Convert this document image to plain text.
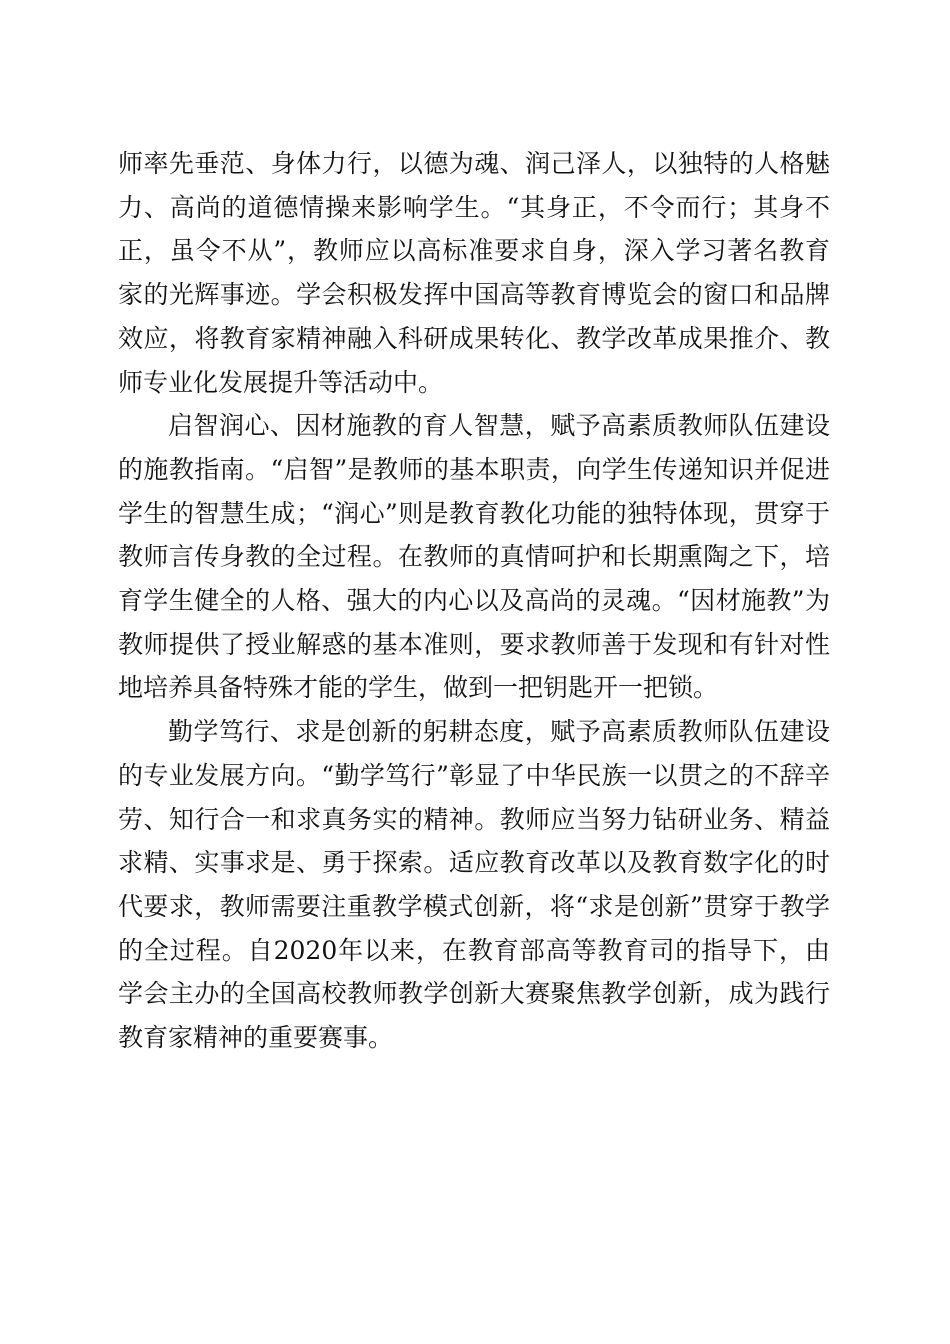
师率先垂范、身体力行，以德为魂、润己泽人，以独特的人格魅力、高尚的道德情操来影响学生。“其身正，不令而行；其身不正，虽令不从”，教师应以高标准要求自身，深入学习著名教育家的光辉事迹。学会积极发挥中国高等教育博览会的窗口和品牌效应，将教育家精神融入科研成果转化、教学改革成果推介、教师专业化发展提升等活动中。

启智润心、因材施教的育人智慧，赋予高素质教师队伍建设的施教指南。“启智”是教师的基本职责，向学生传递知识并促进学生的智慧生成；“润心”则是教育教化功能的独特体现，贯穿于教师言传身教的全过程。在教师的真情呵护和长期熏陶之下，培育学生健全的人格、强大的内心以及高尚的灵魂。“因材施教”为教师提供了授业解惑的基本准则，要求教师善于发现和有针对性地培养具备特殊才能的学生，做到一把钥匙开一把锁。

勤学笃行、求是创新的躬耕态度，赋予高素质教师队伍建设的专业发展方向。“勤学笃行”彰显了中华民族一以贯之的不辞辛劳、知行合一和求真务实的精神。教师应当努力钻研业务、精益求精、实事求是、勇于探索。适应教育改革以及教育数字化的时代要求，教师需要注重教学模式创新，将“求是创新”贯穿于教学的全过程。自2020年以来，在教育部高等教育司的指导下，由学会主办的全国高校教师教学创新大赛聚焦教学创新，成为践行教育家精神的重要赛事。
